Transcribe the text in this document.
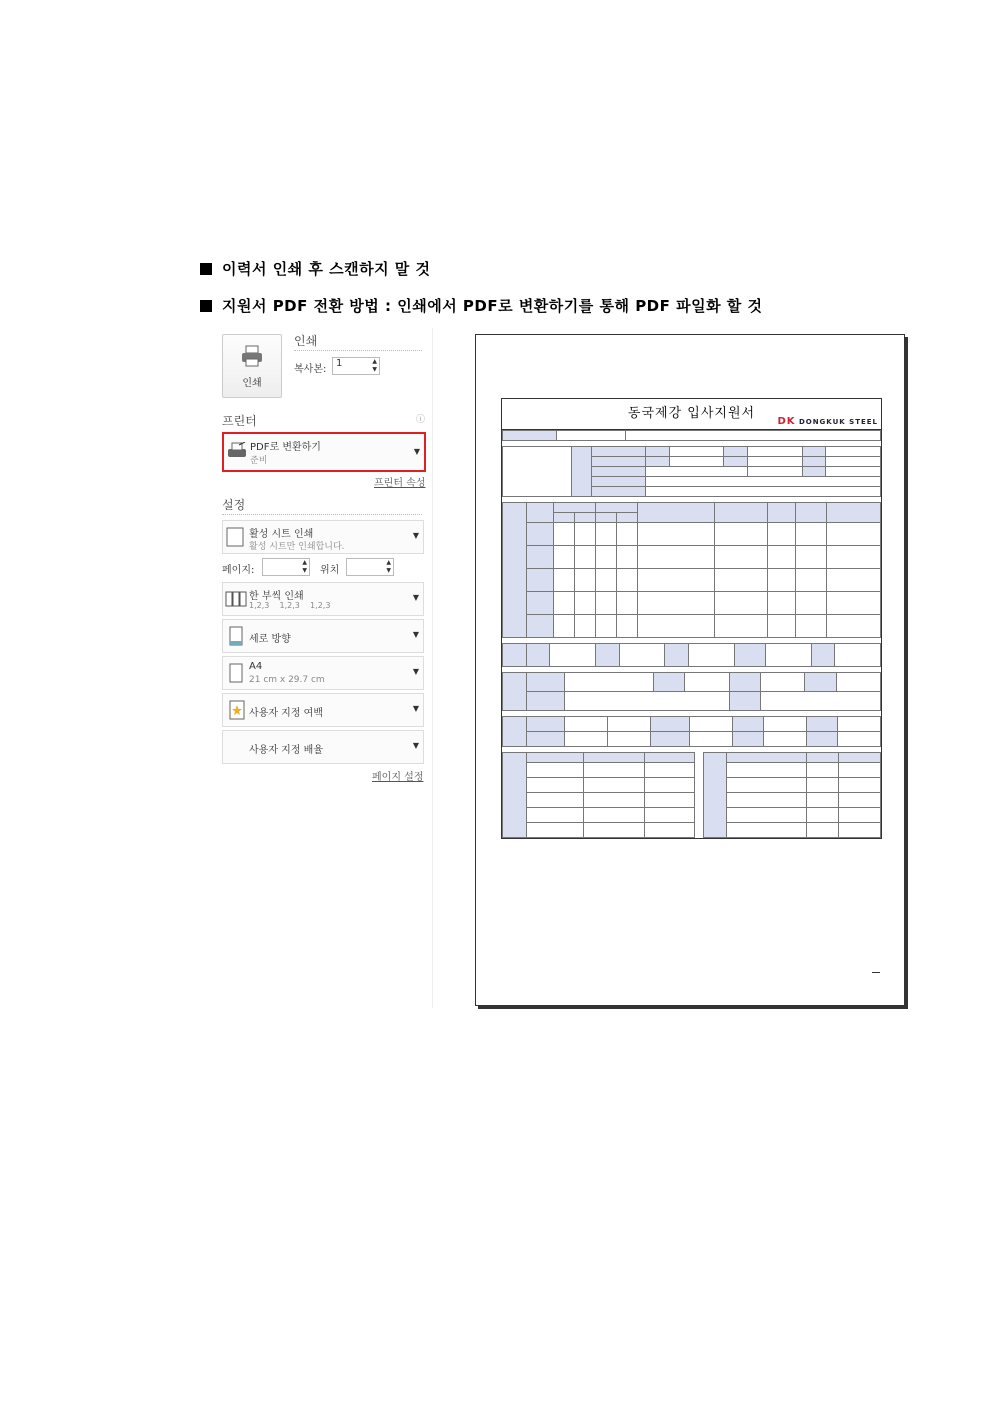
이력서 인쇄 후 스캔하지 말 것
지원서 PDF 전환 방법 : 인쇄에서 PDF로 변환하기를 통해 PDF 파일화 할 것
인쇄
인쇄
복사본:
1	▲
▼
프린터	ⓘ
PDF로 변환하기
준비
▼
프린터 속성
설정
활성 시트 인쇄
활성 시트만 인쇄합니다.
▼
페이지:
▲
▼ 위치
▲
▼
한 부씩 인쇄
1,2,3    1,2,3    1,2,3
▼
세로 방향	▼
A4
21 cm x 29.7 cm
▼
사용자 지정 여백	▼
사용자 지정 배율	▼
페이지 설정
동국제강 입사지원서
DK DONGKUK STEEL
